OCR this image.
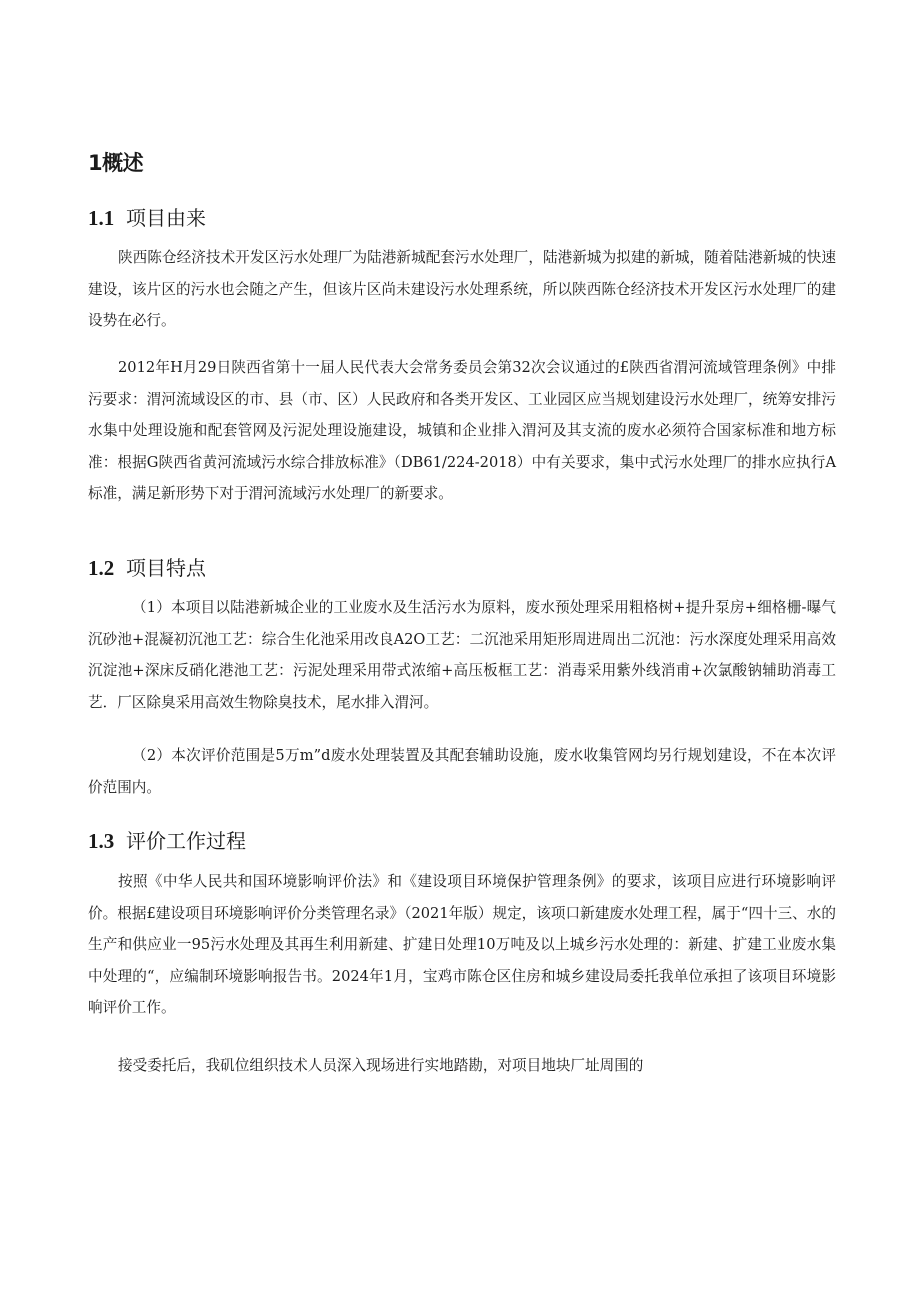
1概述
1.1 项目由来
陕西陈仓经济技术开发区污水处理厂为陆港新城配套污水处理厂，陆港新城为拟建的新城，随着陆港新城的快速建设，该片区的污水也会随之产生，但该片区尚未建设污水处理系统，所以陕西陈仓经济技术开发区污水处理厂的建设势在必行。
2012年H月29日陕西省第十一届人民代表大会常务委员会第32次会议通过的£陕西省渭河流域管理条例》中排污要求：渭河流域设区的市、县（市、区）人民政府和各类开发区、工业园区应当规划建设污水处理厂，统筹安排污水集中处理设施和配套管网及污泥处理设施建设，城镇和企业排入渭河及其支流的废水必须符合国家标准和地方标准：根据G陕西省黄河流域污水综合排放标准》（DB61/224-2018）中有关要求，集中式污水处理厂的排水应执行A标准，满足新形势下对于渭河流域污水处理厂的新要求。
1.2 项目特点
（1）本项目以陆港新城企业的工业废水及生活污水为原料，废水预处理采用粗格树+提升泵房+细格栅-曝气沉砂池+混凝初沉池工艺：综合生化池采用改良A2O工艺：二沉池采用矩形周进周出二沉池：污水深度处理采用高效沉淀池+深床反硝化港池工艺：污泥处理采用带式浓缩+高压板框工艺：消毒采用紫外线消甫+次氯酸钠辅助消毒工艺．厂区除臭采用高效生物除臭技术，尾水排入渭河。
（2）本次评价范围是5万m”d废水处理装置及其配套辅助设施，废水收集管网均另行规划建设，不在本次评价范围内。
1.3 评价工作过程
按照《中华人民共和国环境影响评价法》和《建设项目环境保护管理条例》的要求，该项目应进行环境影响评价。根据£建设项目环境影响评价分类管理名录》（2021年版）规定，该项口新建废水处理工程，属于“四十三、水的生产和供应业一95污水处理及其再生利用新建、扩建日处理10万吨及以上城乡污水处理的：新建、扩建工业废水集中处理的“，应编制环境影响报告书。2024年1月，宝鸡市陈仓区住房和城乡建设局委托我单位承担了该项目环境影响评价工作。
接受委托后，我矶位组织技术人员深入现场进行实地踏勘，对项目地块厂址周围的
